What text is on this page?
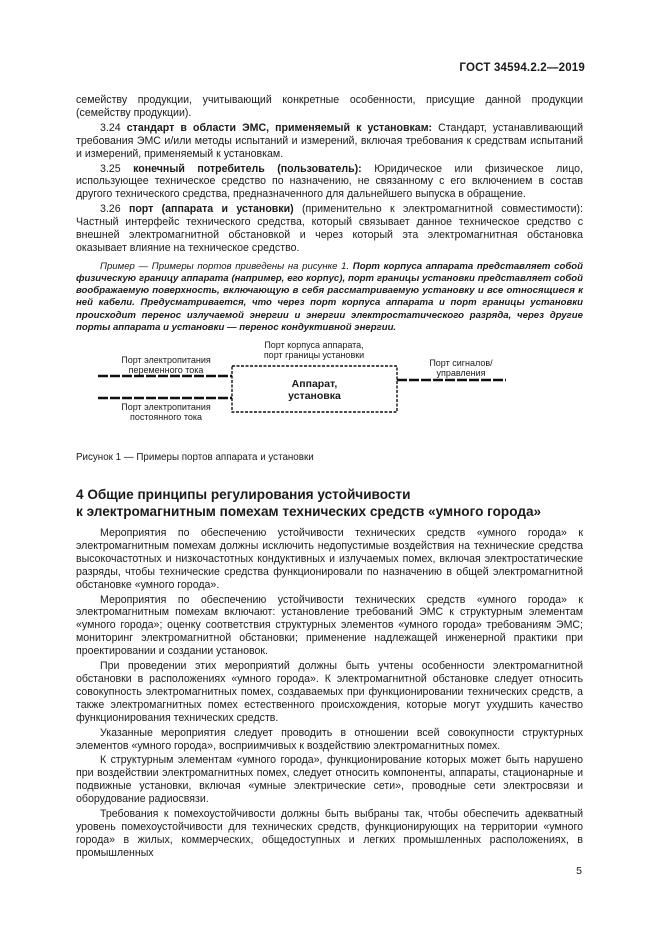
ГОСТ 34594.2.2—2019

семейству продукции, учитывающий конкретные особенности, присущие данной продукции (семейству продукции).

3.24 стандарт в области ЭМС, применяемый к установкам: Стандарт, устанавливающий требования ЭМС и/или методы испытаний и измерений, включая требования к средствам испытаний и измерений, применяемый к установкам.

3.25 конечный потребитель (пользователь): Юридическое или физическое лицо, использующее техническое средство по назначению, не связанному с его включением в состав другого технического средства, предназначенного для дальнейшего выпуска в обращение.

3.26 порт (аппарата и установки) (применительно к электромагнитной совместимости): Частный интерфейс технического средства, который связывает данное техническое средство с внешней электромагнитной обстановкой и через который эта электромагнитная обстановка оказывает влияние на техническое средство.

Пример — Примеры портов приведены на рисунке 1. Порт корпуса аппарата представляет собой физическую границу аппарата (например, его корпус), порт границы установки представляет собой воображаемую поверхность, включающую в себя рассматриваемую установку и все относящиеся к ней кабели. Предусматривается, что через порт корпуса аппарата и порт границы установки происходит перенос излучаемой энергии и энергии электростатического разряда, через другие порты аппарата и установки — перенос кондуктивной энергии.

Порт корпуса аппарата,
порт границы установки
Аппарат,
установка
Порт электропитания
переменного тока
Порт электропитания
постоянного тока
Порт сигналов/
управления

Рисунок 1 — Примеры портов аппарата и установки

4 Общие принципы регулирования устойчивости
к электромагнитным помехам технических средств «умного города»

Мероприятия по обеспечению устойчивости технических средств «умного города» к электромагнитным помехам должны исключить недопустимые воздействия на технические средства высокочастотных и низкочастотных кондуктивных и излучаемых помех, включая электростатические разряды, чтобы технические средства функционировали по назначению в общей электромагнитной обстановке «умного города».

Мероприятия по обеспечению устойчивости технических средств «умного города» к электромагнитным помехам включают: установление требований ЭМС к структурным элементам «умного города»; оценку соответствия структурных элементов «умного города» требованиям ЭМС; мониторинг электромагнитной обстановки; применение надлежащей инженерной практики при проектировании и создании установок.

При проведении этих мероприятий должны быть учтены особенности электромагнитной обстановки в расположениях «умного города». К электромагнитной обстановке следует относить совокупность электромагнитных помех, создаваемых при функционировании технических средств, а также электромагнитных помех естественного происхождения, которые могут ухудшить качество функционирования технических средств.

Указанные мероприятия следует проводить в отношении всей совокупности структурных элементов «умного города», восприимчивых к воздействию электромагнитных помех.

К структурным элементам «умного города», функционирование которых может быть нарушено при воздействии электромагнитных помех, следует относить компоненты, аппараты, стационарные и подвижные установки, включая «умные электрические сети», проводные сети электросвязи и оборудование радиосвязи.

Требования к помехоустойчивости должны быть выбраны так, чтобы обеспечить адекватный уровень помехоустойчивости для технических средств, функционирующих на территории «умного города» в жилых, коммерческих, общедоступных и легких промышленных расположениях, в промышленных

5
